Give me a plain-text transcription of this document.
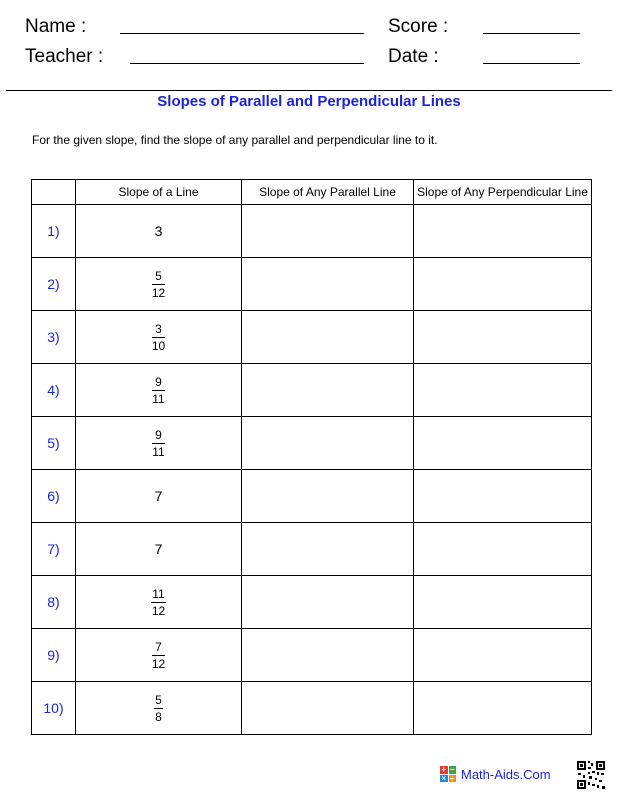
Name :
Teacher :
Score :
Date :
Slopes of Parallel and Perpendicular Lines
For the given slope, find the slope of any parallel and perpendicular line to it.
	Slope of a Line	Slope of Any Parallel Line	Slope of Any Perpendicular Line
1)	3		
2)	$\frac{5}{12}$

3)	$\frac{3}{10}$

4)	$\frac{9}{11}$

5)	$\frac{9}{11}$

6)	7		
7)	7		
8)	$\frac{11}{12}$

9)	$\frac{7}{12}$

10)	$\frac{5}{8}$

+ −
× ÷ Math-Aids.Com
